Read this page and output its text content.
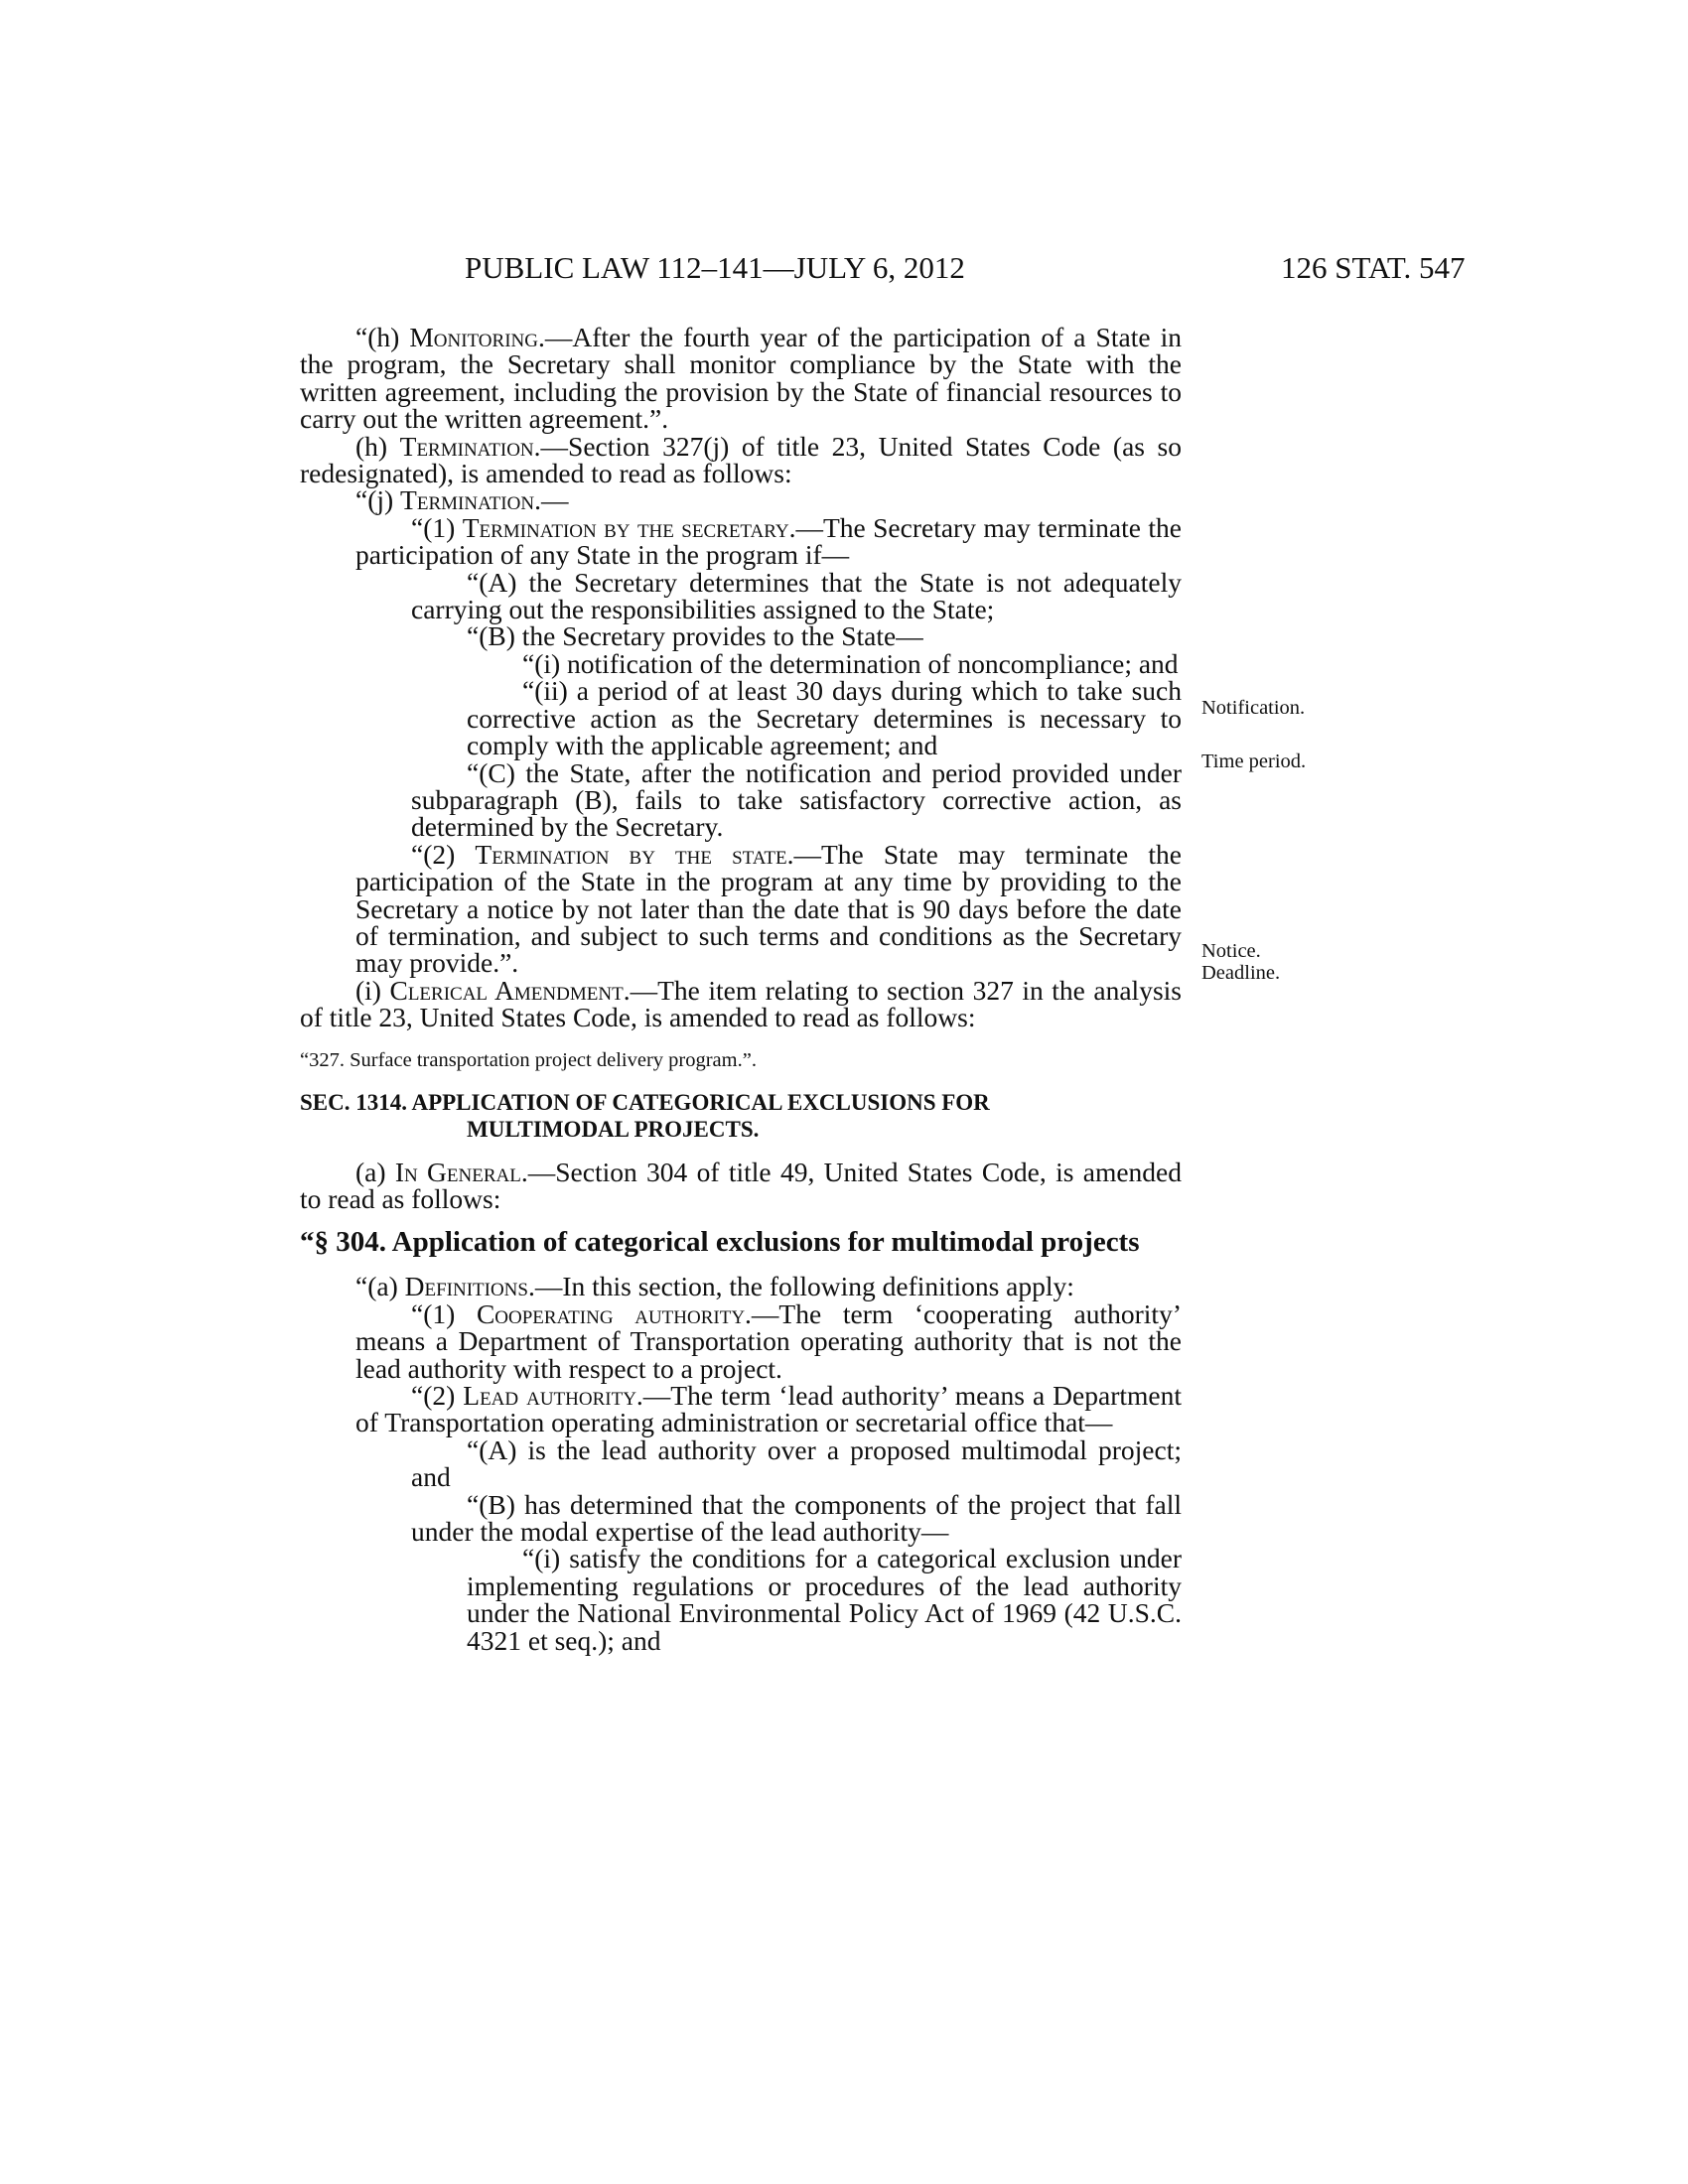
PUBLIC LAW 112–141—JULY 6, 2012	126 STAT. 547

“(h) Monitoring.—After the fourth year of the participation of a State in the program, the Secretary shall monitor compliance by the State with the written agreement, including the provision by the State of financial resources to carry out the written agreement.”.

(h) Termination.—Section 327(j) of title 23, United States Code (as so redesignated), is amended to read as follows:

“(j) Termination.—

“(1) Termination by the secretary.—The Secretary may terminate the participation of any State in the program if—

“(A) the Secretary determines that the State is not adequately carrying out the responsibilities assigned to the State;

“(B) the Secretary provides to the State—

“(i) notification of the determination of noncompliance; and

“(ii) a period of at least 30 days during which to take such corrective action as the Secretary determines is necessary to comply with the applicable agreement; and

“(C) the State, after the notification and period provided under subparagraph (B), fails to take satisfactory corrective action, as determined by the Secretary.

“(2) Termination by the state.—The State may terminate the participation of the State in the program at any time by providing to the Secretary a notice by not later than the date that is 90 days before the date of termination, and subject to such terms and conditions as the Secretary may provide.”.

(i) Clerical Amendment.—The item relating to section 327 in the analysis of title 23, United States Code, is amended to read as follows:

“327. Surface transportation project delivery program.”.

SEC. 1314. APPLICATION OF CATEGORICAL EXCLUSIONS FOR

MULTIMODAL PROJECTS.

(a) In General.—Section 304 of title 49, United States Code, is amended to read as follows:

“§ 304. Application of categorical exclusions for multimodal projects

“(a) Definitions.—In this section, the following definitions apply:

“(1) Cooperating authority.—The term ‘cooperating authority’ means a Department of Transportation operating authority that is not the lead authority with respect to a project.

“(2) Lead authority.—The term ‘lead authority’ means a Department of Transportation operating administration or secretarial office that—

“(A) is the lead authority over a proposed multimodal project; and

“(B) has determined that the components of the project that fall under the modal expertise of the lead authority—

“(i) satisfy the conditions for a categorical exclusion under implementing regulations or procedures of the lead authority under the National Environmental Policy Act of 1969 (42 U.S.C. 4321 et seq.); and

Notification.
Time period.
Notice.
Deadline.
